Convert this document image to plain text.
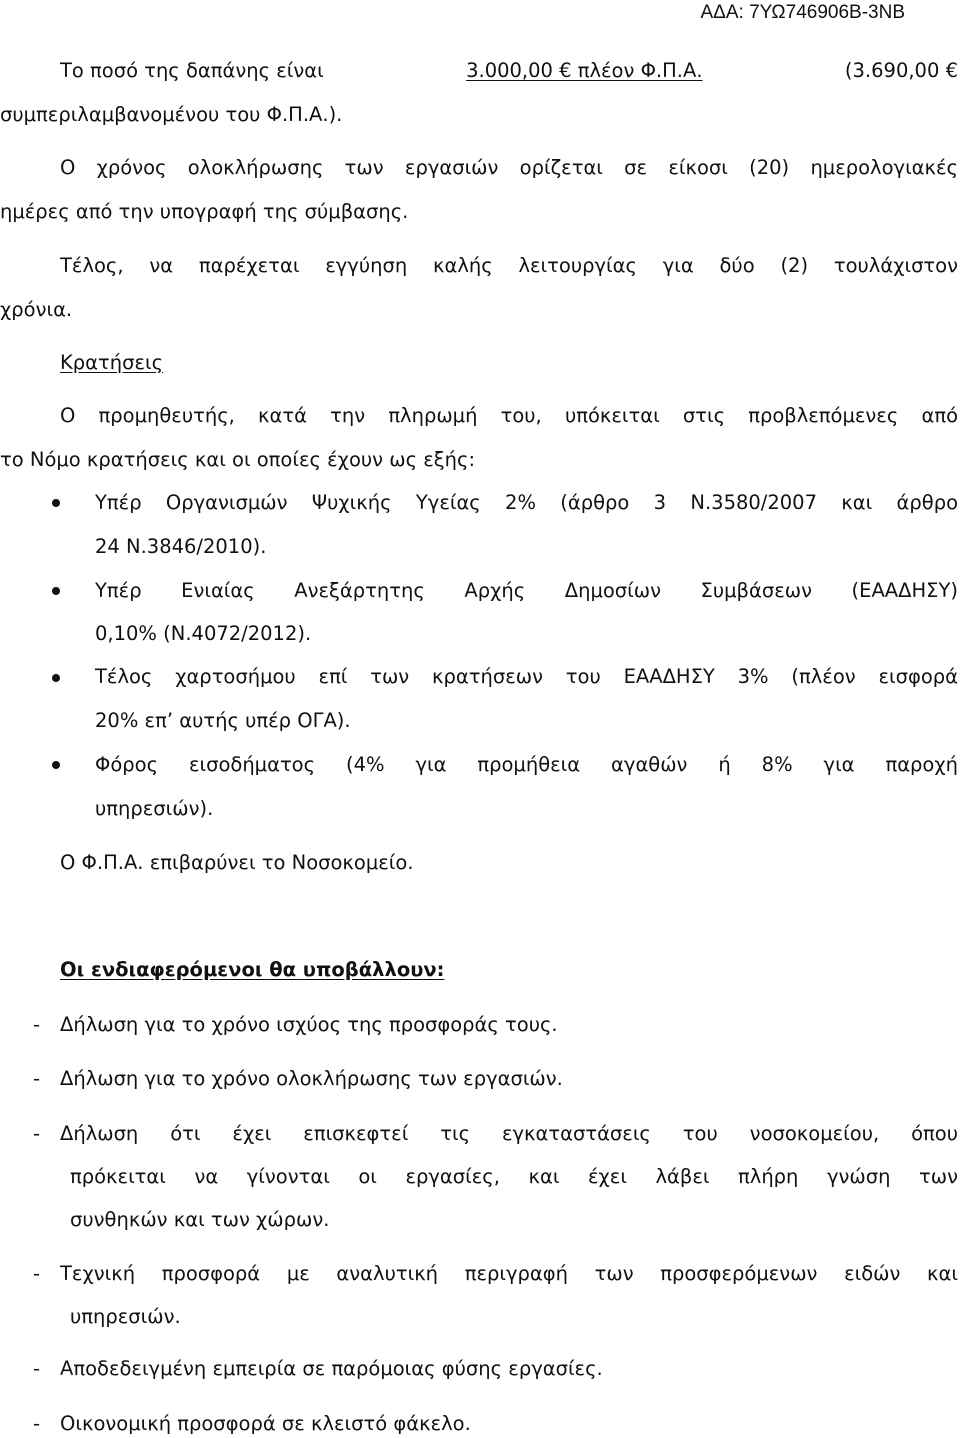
ΑΔΑ: 7ΥΩ746906Β-3ΝΒ
Το ποσό της δαπάνης είναι	3.000,00 € πλέον Φ.Π.Α.	(3.690,00 €
συμπεριλαμβανομένου του Φ.Π.Α.).
Ο χρόνος ολοκλήρωσης των εργασιών ορίζεται σε είκοσι (20) ημερολογιακές
ημέρες από την υπογραφή της σύμβασης.
Τέλος, να παρέχεται εγγύηση καλής λειτουργίας για δύο (2) τουλάχιστον
χρόνια.
Κρατήσεις
Ο προμηθευτής, κατά την πληρωμή του, υπόκειται στις προβλεπόμενες από
το Νόμο κρατήσεις και οι οποίες έχουν ως εξής:
Υπέρ Οργανισμών Ψυχικής Υγείας 2% (άρθρο 3 Ν.3580/2007 και άρθρο
24 Ν.3846/2010).
Υπέρ Ενιαίας Ανεξάρτητης Αρχής Δημοσίων Συμβάσεων (ΕΑΑΔΗΣΥ)
0,10% (Ν.4072/2012).
Τέλος χαρτοσήμου επί των κρατήσεων του ΕΑΑΔΗΣΥ 3% (πλέον εισφορά
20% επ’ αυτής υπέρ ΟΓΑ).
Φόρος εισοδήματος (4% για προμήθεια αγαθών ή 8% για παροχή
υπηρεσιών).
Ο Φ.Π.Α. επιβαρύνει το Νοσοκομείο.
Οι ενδιαφερόμενοι θα υποβάλλουν:
- Δήλωση για το χρόνο ισχύος της προσφοράς τους.
- Δήλωση για το χρόνο ολοκλήρωσης των εργασιών.
- Δήλωση ότι έχει επισκεφτεί τις εγκαταστάσεις του νοσοκομείου, όπου
πρόκειται να γίνονται οι εργασίες, και έχει λάβει πλήρη γνώση των
συνθηκών και των χώρων.
- Τεχνική προσφορά με αναλυτική περιγραφή των προσφερόμενων ειδών και
υπηρεσιών.
- Αποδεδειγμένη εμπειρία σε παρόμοιας φύσης εργασίες.
- Οικονομική προσφορά σε κλειστό φάκελο.
